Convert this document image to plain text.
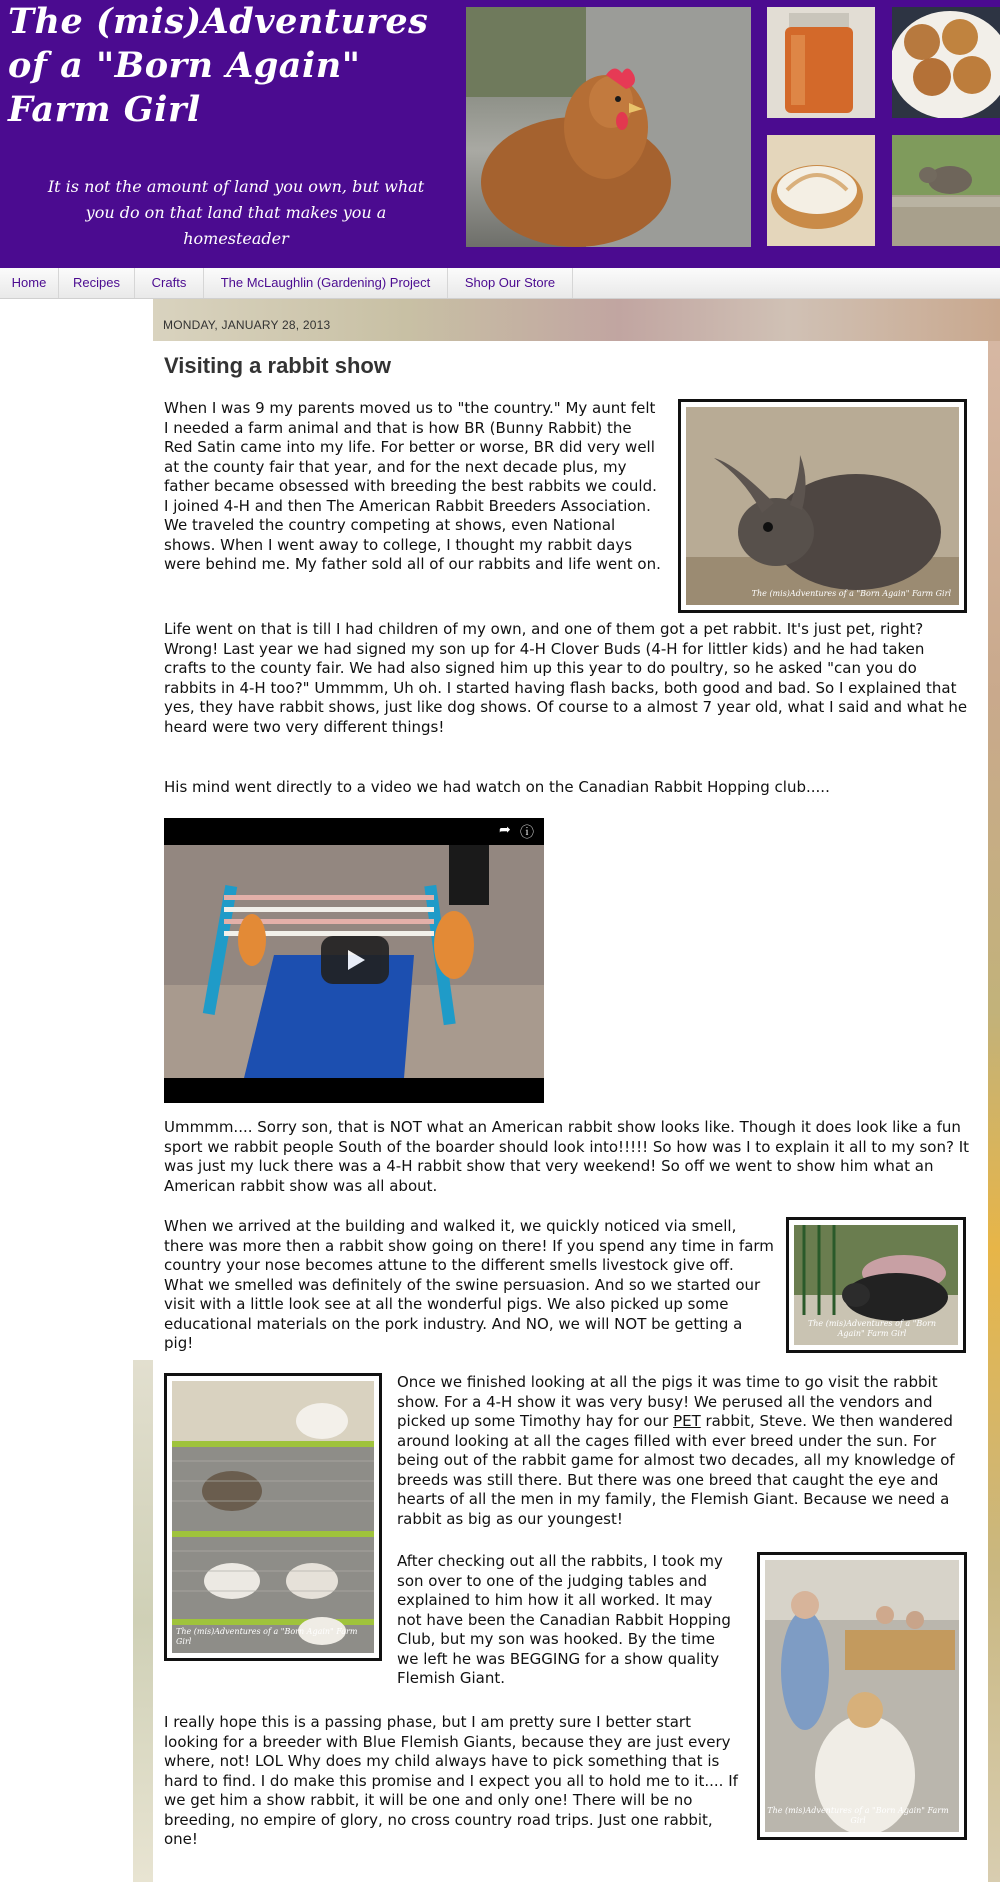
The (mis)Adventures of a "Born Again" Farm Girl
It is not the amount of land you own, but what you do on that land that makes you a homesteader
Home	Recipes	Crafts	The McLaughlin (Gardening) Project	Shop Our Store
MONDAY, JANUARY 28, 2013
Visiting a rabbit show
The (mis)Adventures of a "Born Again" Farm Girl

When I was 9 my parents moved us to "the country." My aunt felt I needed a farm animal and that is how BR (Bunny Rabbit) the Red Satin came into my life. For better or worse, BR did very well at the county fair that year, and for the next decade plus, my father became obsessed with breeding the best rabbits we could. I joined 4-H and then The American Rabbit Breeders Association. We traveled the country competing at shows, even National shows. When I went away to college, I thought my rabbit days were behind me. My father sold all of our rabbits and life went on.

Life went on that is till I had children of my own, and one of them got a pet rabbit. It's just pet, right? Wrong! Last year we had signed my son up for 4-H Clover Buds (4-H for littler kids) and he had taken crafts to the county fair. We had also signed him up this year to do poultry, so he asked "can you do rabbits in 4-H too?" Ummmm, Uh oh. I started having flash backs, both good and bad. So I explained that yes, they have rabbit shows, just like dog shows. Of course to a almost 7 year old, what I said and what he heard were two very different things!

His mind went directly to a video we had watch on the Canadian Rabbit Hopping club.....

➦ ⓘ

Ummmm.... Sorry son, that is NOT what an American rabbit show looks like. Though it does look like a fun sport we rabbit people South of the boarder should look into!!!!! So how was I to explain it all to my son? It was just my luck there was a 4-H rabbit show that very weekend! So off we went to show him what an American rabbit show was all about.

The (mis)Adventures of a "Born Again" Farm Girl

When we arrived at the building and walked it, we quickly noticed via smell, there was more then a rabbit show going on there! If you spend any time in farm country your nose becomes attune to the different smells livestock give off. What we smelled was definitely of the swine persuasion. And so we started our visit with a little look see at all the wonderful pigs. We also picked up some educational materials on the pork industry. And NO, we will NOT be getting a pig!

The (mis)Adventures of a "Born Again" Farm Girl

Once we finished looking at all the pigs it was time to go visit the rabbit show. For a 4-H show it was very busy! We perused all the vendors and picked up some Timothy hay for our PET rabbit, Steve. We then wandered around looking at all the cages filled with ever breed under the sun. For being out of the rabbit game for almost two decades, all my knowledge of breeds was still there. But there was one breed that caught the eye and hearts of all the men in my family, the Flemish Giant. Because we need a rabbit as big as our youngest!

The (mis)Adventures of a "Born Again" Farm Girl

After checking out all the rabbits, I took my son over to one of the judging tables and explained to him how it all worked. It may not have been the Canadian Rabbit Hopping Club, but my son was hooked. By the time we left he was BEGGING for a show quality Flemish Giant.

I really hope this is a passing phase, but I am pretty sure I better start looking for a breeder with Blue Flemish Giants, because they are just every where, not! LOL Why does my child always have to pick something that is hard to find. I do make this promise and I expect you all to hold me to it.... If we get him a show rabbit, it will be one and only one! There will be no breeding, no empire of glory, no cross country road trips. Just one rabbit, one!
